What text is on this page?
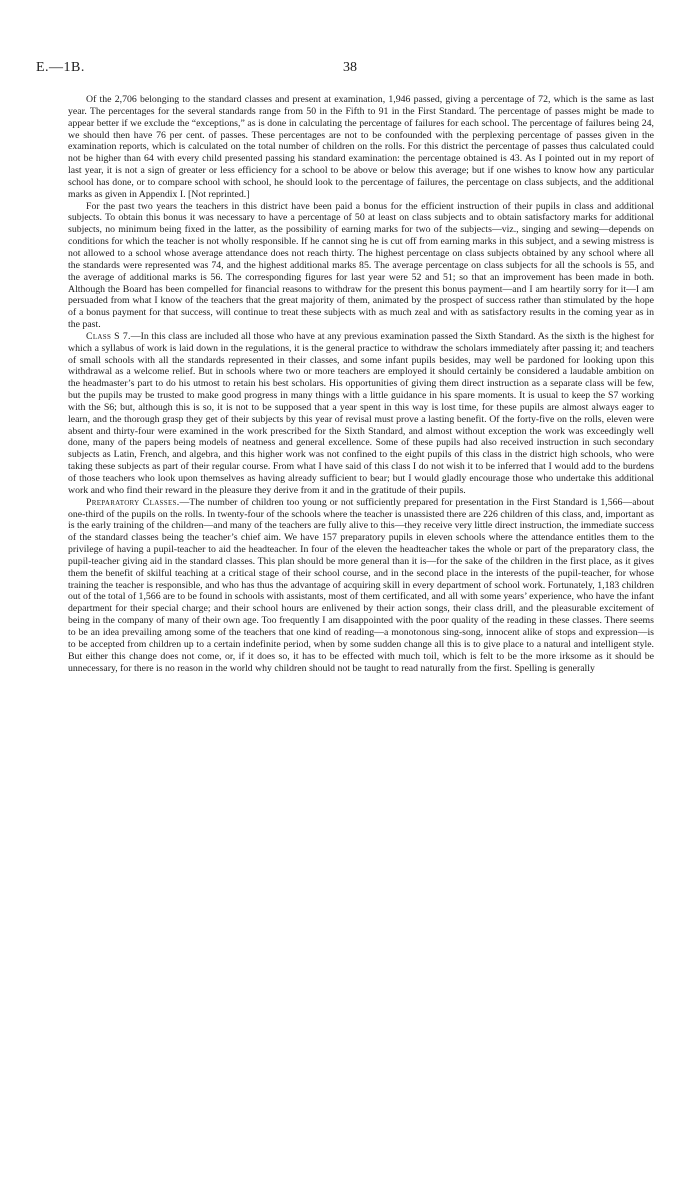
E.—1B.	38

Of the 2,706 belonging to the standard classes and present at examination, 1,946 passed, giving a percentage of 72, which is the same as last year. The percentages for the several standards range from 50 in the Fifth to 91 in the First Standard. The percentage of passes might be made to appear better if we exclude the “exceptions,” as is done in calculating the percentage of failures for each school. The percentage of failures being 24, we should then have 76 per cent. of passes. These percentages are not to be confounded with the perplexing percentage of passes given in the examination reports, which is calculated on the total number of children on the rolls. For this district the percentage of passes thus calculated could not be higher than 64 with every child presented passing his standard examination: the percentage obtained is 43. As I pointed out in my report of last year, it is not a sign of greater or less efficiency for a school to be above or below this average; but if one wishes to know how any particular school has done, or to compare school with school, he should look to the percentage of failures, the percentage on class subjects, and the additional marks as given in Appendix I. [Not reprinted.]

For the past two years the teachers in this district have been paid a bonus for the efficient instruction of their pupils in class and additional subjects. To obtain this bonus it was necessary to have a percentage of 50 at least on class subjects and to obtain satisfactory marks for additional subjects, no minimum being fixed in the latter, as the possibility of earning marks for two of the subjects—viz., singing and sewing—depends on conditions for which the teacher is not wholly responsible. If he cannot sing he is cut off from earning marks in this subject, and a sewing mistress is not allowed to a school whose average attendance does not reach thirty. The highest percentage on class subjects obtained by any school where all the standards were represented was 74, and the highest additional marks 85. The average percentage on class subjects for all the schools is 55, and the average of additional marks is 56. The corresponding figures for last year were 52 and 51; so that an improvement has been made in both. Although the Board has been compelled for financial reasons to withdraw for the present this bonus payment—and I am heartily sorry for it—I am persuaded from what I know of the teachers that the great majority of them, animated by the prospect of success rather than stimulated by the hope of a bonus payment for that success, will continue to treat these subjects with as much zeal and with as satisfactory results in the coming year as in the past.

Class S 7.—In this class are included all those who have at any previous examination passed the Sixth Standard. As the sixth is the highest for which a syllabus of work is laid down in the regulations, it is the general practice to withdraw the scholars immediately after passing it; and teachers of small schools with all the standards represented in their classes, and some infant pupils besides, may well be pardoned for looking upon this withdrawal as a welcome relief. But in schools where two or more teachers are employed it should certainly be considered a laudable ambition on the headmaster’s part to do his utmost to retain his best scholars. His opportunities of giving them direct instruction as a separate class will be few, but the pupils may be trusted to make good progress in many things with a little guidance in his spare moments. It is usual to keep the S7 working with the S6; but, although this is so, it is not to be supposed that a year spent in this way is lost time, for these pupils are almost always eager to learn, and the thorough grasp they get of their subjects by this year of revisal must prove a lasting benefit. Of the forty-five on the rolls, eleven were absent and thirty-four were examined in the work prescribed for the Sixth Standard, and almost without exception the work was exceedingly well done, many of the papers being models of neatness and general excellence. Some of these pupils had also received instruction in such secondary subjects as Latin, French, and algebra, and this higher work was not confined to the eight pupils of this class in the district high schools, who were taking these subjects as part of their regular course. From what I have said of this class I do not wish it to be inferred that I would add to the burdens of those teachers who look upon themselves as having already sufficient to bear; but I would gladly encourage those who undertake this additional work and who find their reward in the pleasure they derive from it and in the gratitude of their pupils.

Preparatory Classes.—The number of children too young or not sufficiently prepared for presentation in the First Standard is 1,566—about one-third of the pupils on the rolls. In twenty-four of the schools where the teacher is unassisted there are 226 children of this class, and, important as is the early training of the children—and many of the teachers are fully alive to this—they receive very little direct instruction, the immediate success of the standard classes being the teacher’s chief aim. We have 157 preparatory pupils in eleven schools where the attendance entitles them to the privilege of having a pupil-teacher to aid the headteacher. In four of the eleven the headteacher takes the whole or part of the preparatory class, the pupil-teacher giving aid in the standard classes. This plan should be more general than it is—for the sake of the children in the first place, as it gives them the benefit of skilful teaching at a critical stage of their school course, and in the second place in the interests of the pupil-teacher, for whose training the teacher is responsible, and who has thus the advantage of acquiring skill in every department of school work. Fortunately, 1,183 children out of the total of 1,566 are to be found in schools with assistants, most of them certificated, and all with some years’ experience, who have the infant department for their special charge; and their school hours are enlivened by their action songs, their class drill, and the pleasurable excitement of being in the company of many of their own age. Too frequently I am disappointed with the poor quality of the reading in these classes. There seems to be an idea prevailing among some of the teachers that one kind of reading—a monotonous sing-song, innocent alike of stops and expression—is to be accepted from children up to a certain indefinite period, when by some sudden change all this is to give place to a natural and intelligent style. But either this change does not come, or, if it does so, it has to be effected with much toil, which is felt to be the more irksome as it should be unnecessary, for there is no reason in the world why children should not be taught to read naturally from the first. Spelling is generally
